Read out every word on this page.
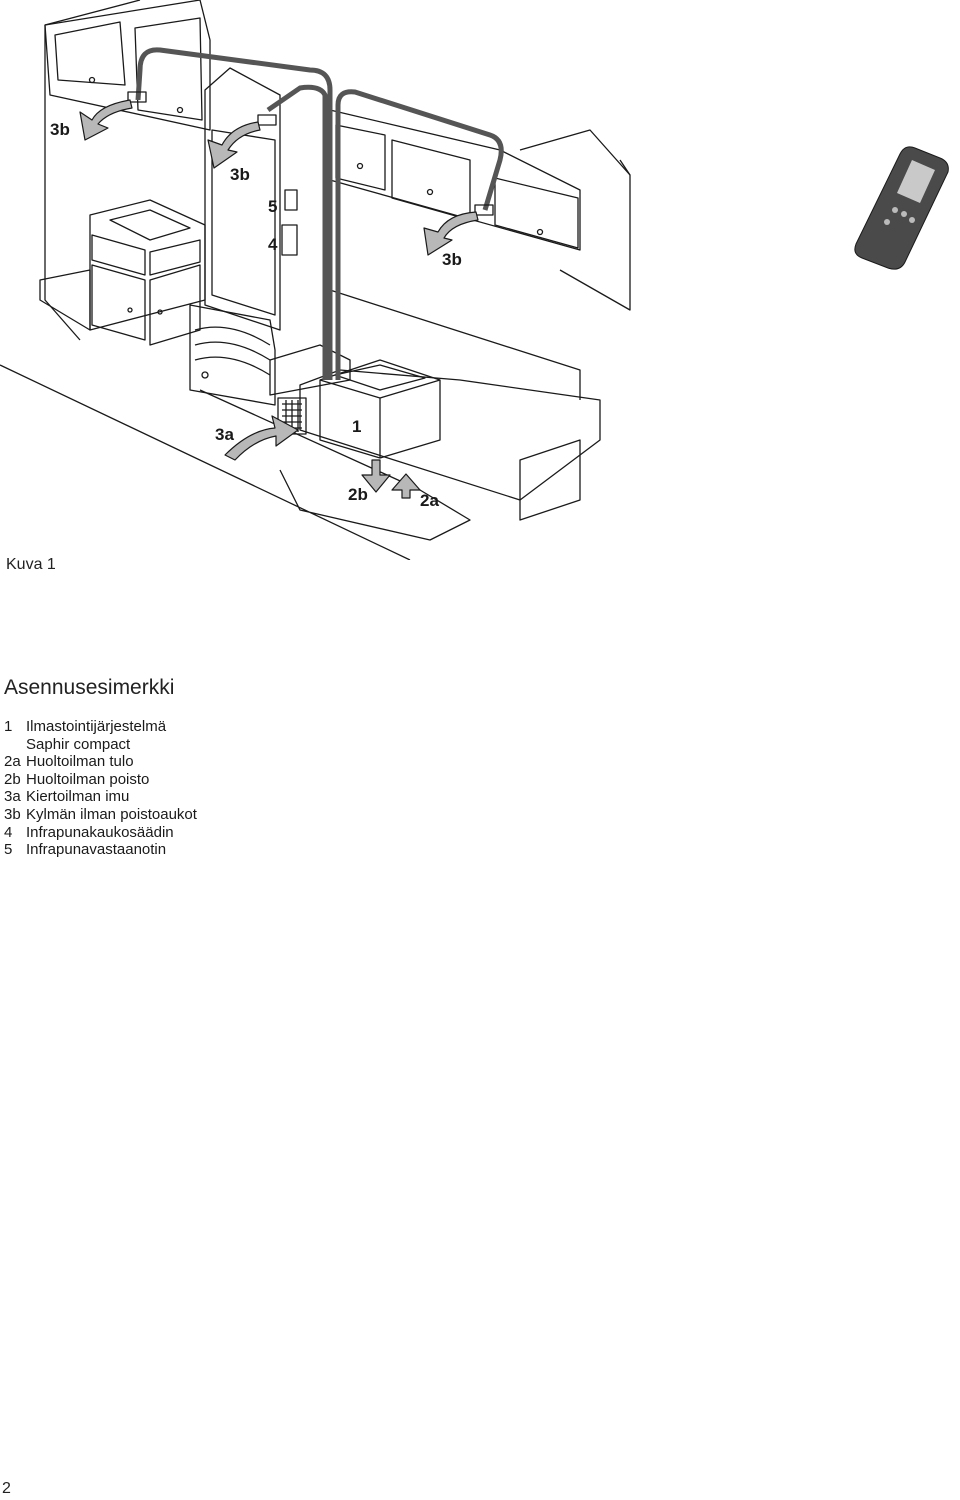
3b
3b
5
4
3b
3a	1
2b	2a
Kuva 1
Asennusesimerkki
1 Ilmastointijärjestelmä
Saphir compact
2a Huoltoilman tulo
2b Huoltoilman poisto
3a Kiertoilman imu
3b Kylmän ilman poistoaukot
4 Infrapunakaukosäädin
5 Infrapunavastaanotin
2
